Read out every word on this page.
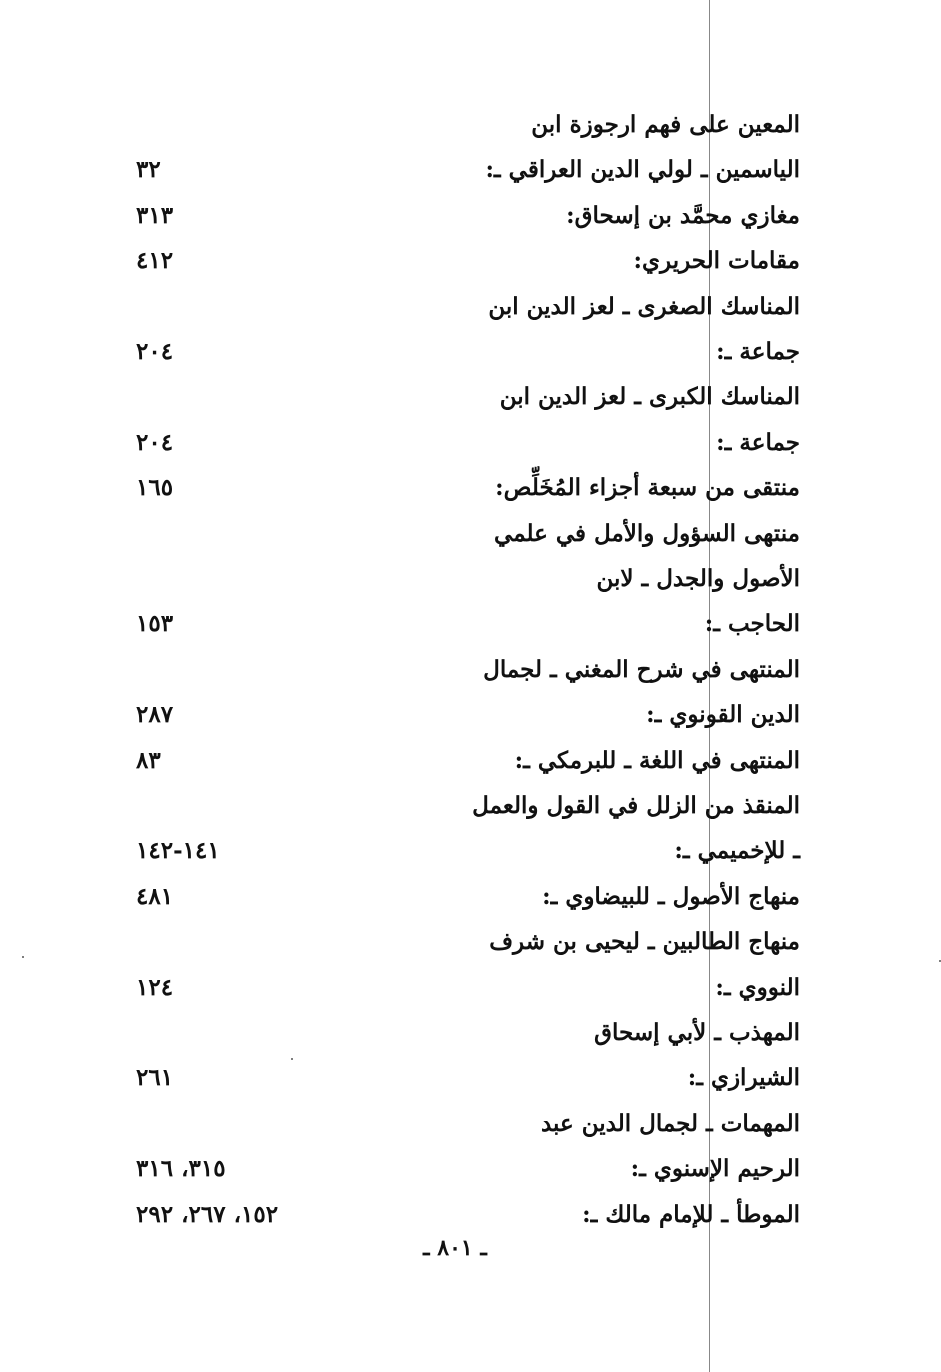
المعين على فهم ارجوزة ابن
الياسمين ـ لولي الدين العراقي ـ:
٣٢
مغازي محمَّد بن إسحاق:
٣١٣
مقامات الحريري:
٤١٢
المناسك الصغرى ـ لعز الدين ابن
جماعة ـ:
٢٠٤
المناسك الكبرى ـ لعز الدين ابن
جماعة ـ:
٢٠٤
منتقى من سبعة أجزاء المُخَلِّص:
١٦٥
منتهى السؤول والأمل في علمي
الأصول والجدل ـ لابن
الحاجب ـ:
١٥٣
المنتهى في شرح المغني ـ لجمال
الدين القونوي ـ:
٢٨٧
المنتهى في اللغة ـ للبرمكي ـ:
٨٣
المنقذ من الزلل في القول والعمل
ـ للإخميمي ـ:
١٤١-١٤٢
منهاج الأصول ـ للبيضاوي ـ:
٤٨١
منهاج الطالبين ـ ليحيى بن شرف
النووي ـ:
١٢٤
المهذب ـ لأبي إسحاق
الشيرازي ـ:
٢٦١
المهمات ـ لجمال الدين عبد
الرحيم الإسنوي ـ:
٣١٥، ٣١٦
الموطأ ـ للإمام مالك ـ:
١٥٢، ٢٦٧، ٢٩٢
ـ ٨٠١ ـ
